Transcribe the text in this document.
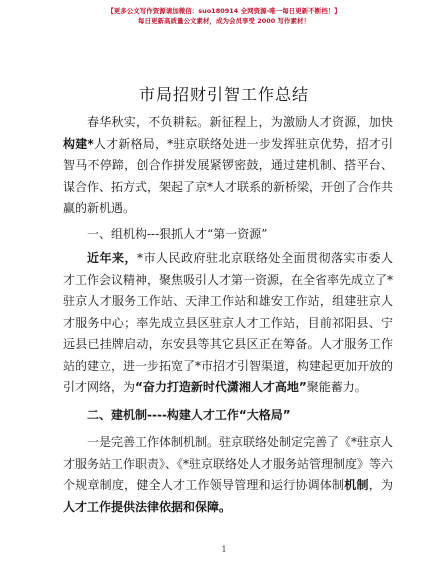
【更多公文写作资源请加微信：suo180914 全网资源-唯一每日更新不断档！】
每日更新高质量公文素材，成为会员享受 2000 写作素材！
市局招财引智工作总结

春华秋实，不负耕耘。新征程上，为激励人才资源，加快构建*人才新格局，*驻京联络处进一步发挥驻京优势，招才引智马不停蹄，创合作拼发展紧锣密鼓，通过建机制、搭平台、谋合作、拓方式，架起了京*人才联系的新桥梁，开创了合作共赢的新机遇。

一、组机构---狠抓人才“第一资源”

近年来，*市人民政府驻北京联络处全面贯彻落实市委人才工作会议精神，聚焦吸引人才第一资源，在全省率先成立了*驻京人才服务工作站、天津工作站和雄安工作站，组建驻京人才服务中心；率先成立县区驻京人才工作站，目前祁阳县、宁远县已挂牌启动，东安县等其它县区正在筹备。人才服务工作站的建立，进一步拓宽了*市招才引智渠道，构建起更加开放的引才网络，为“奋力打造新时代潇湘人才高地”聚能蓄力。

二、建机制----构建人才工作“大格局”

一是完善工作体制机制。驻京联络处制定完善了《*驻京人才服务站工作职责》、《*驻京联络处人才服务站管理制度》等六个规章制度，健全人才工作领导管理和运行协调体制机制，为人才工作提供法律依据和保障。

1
